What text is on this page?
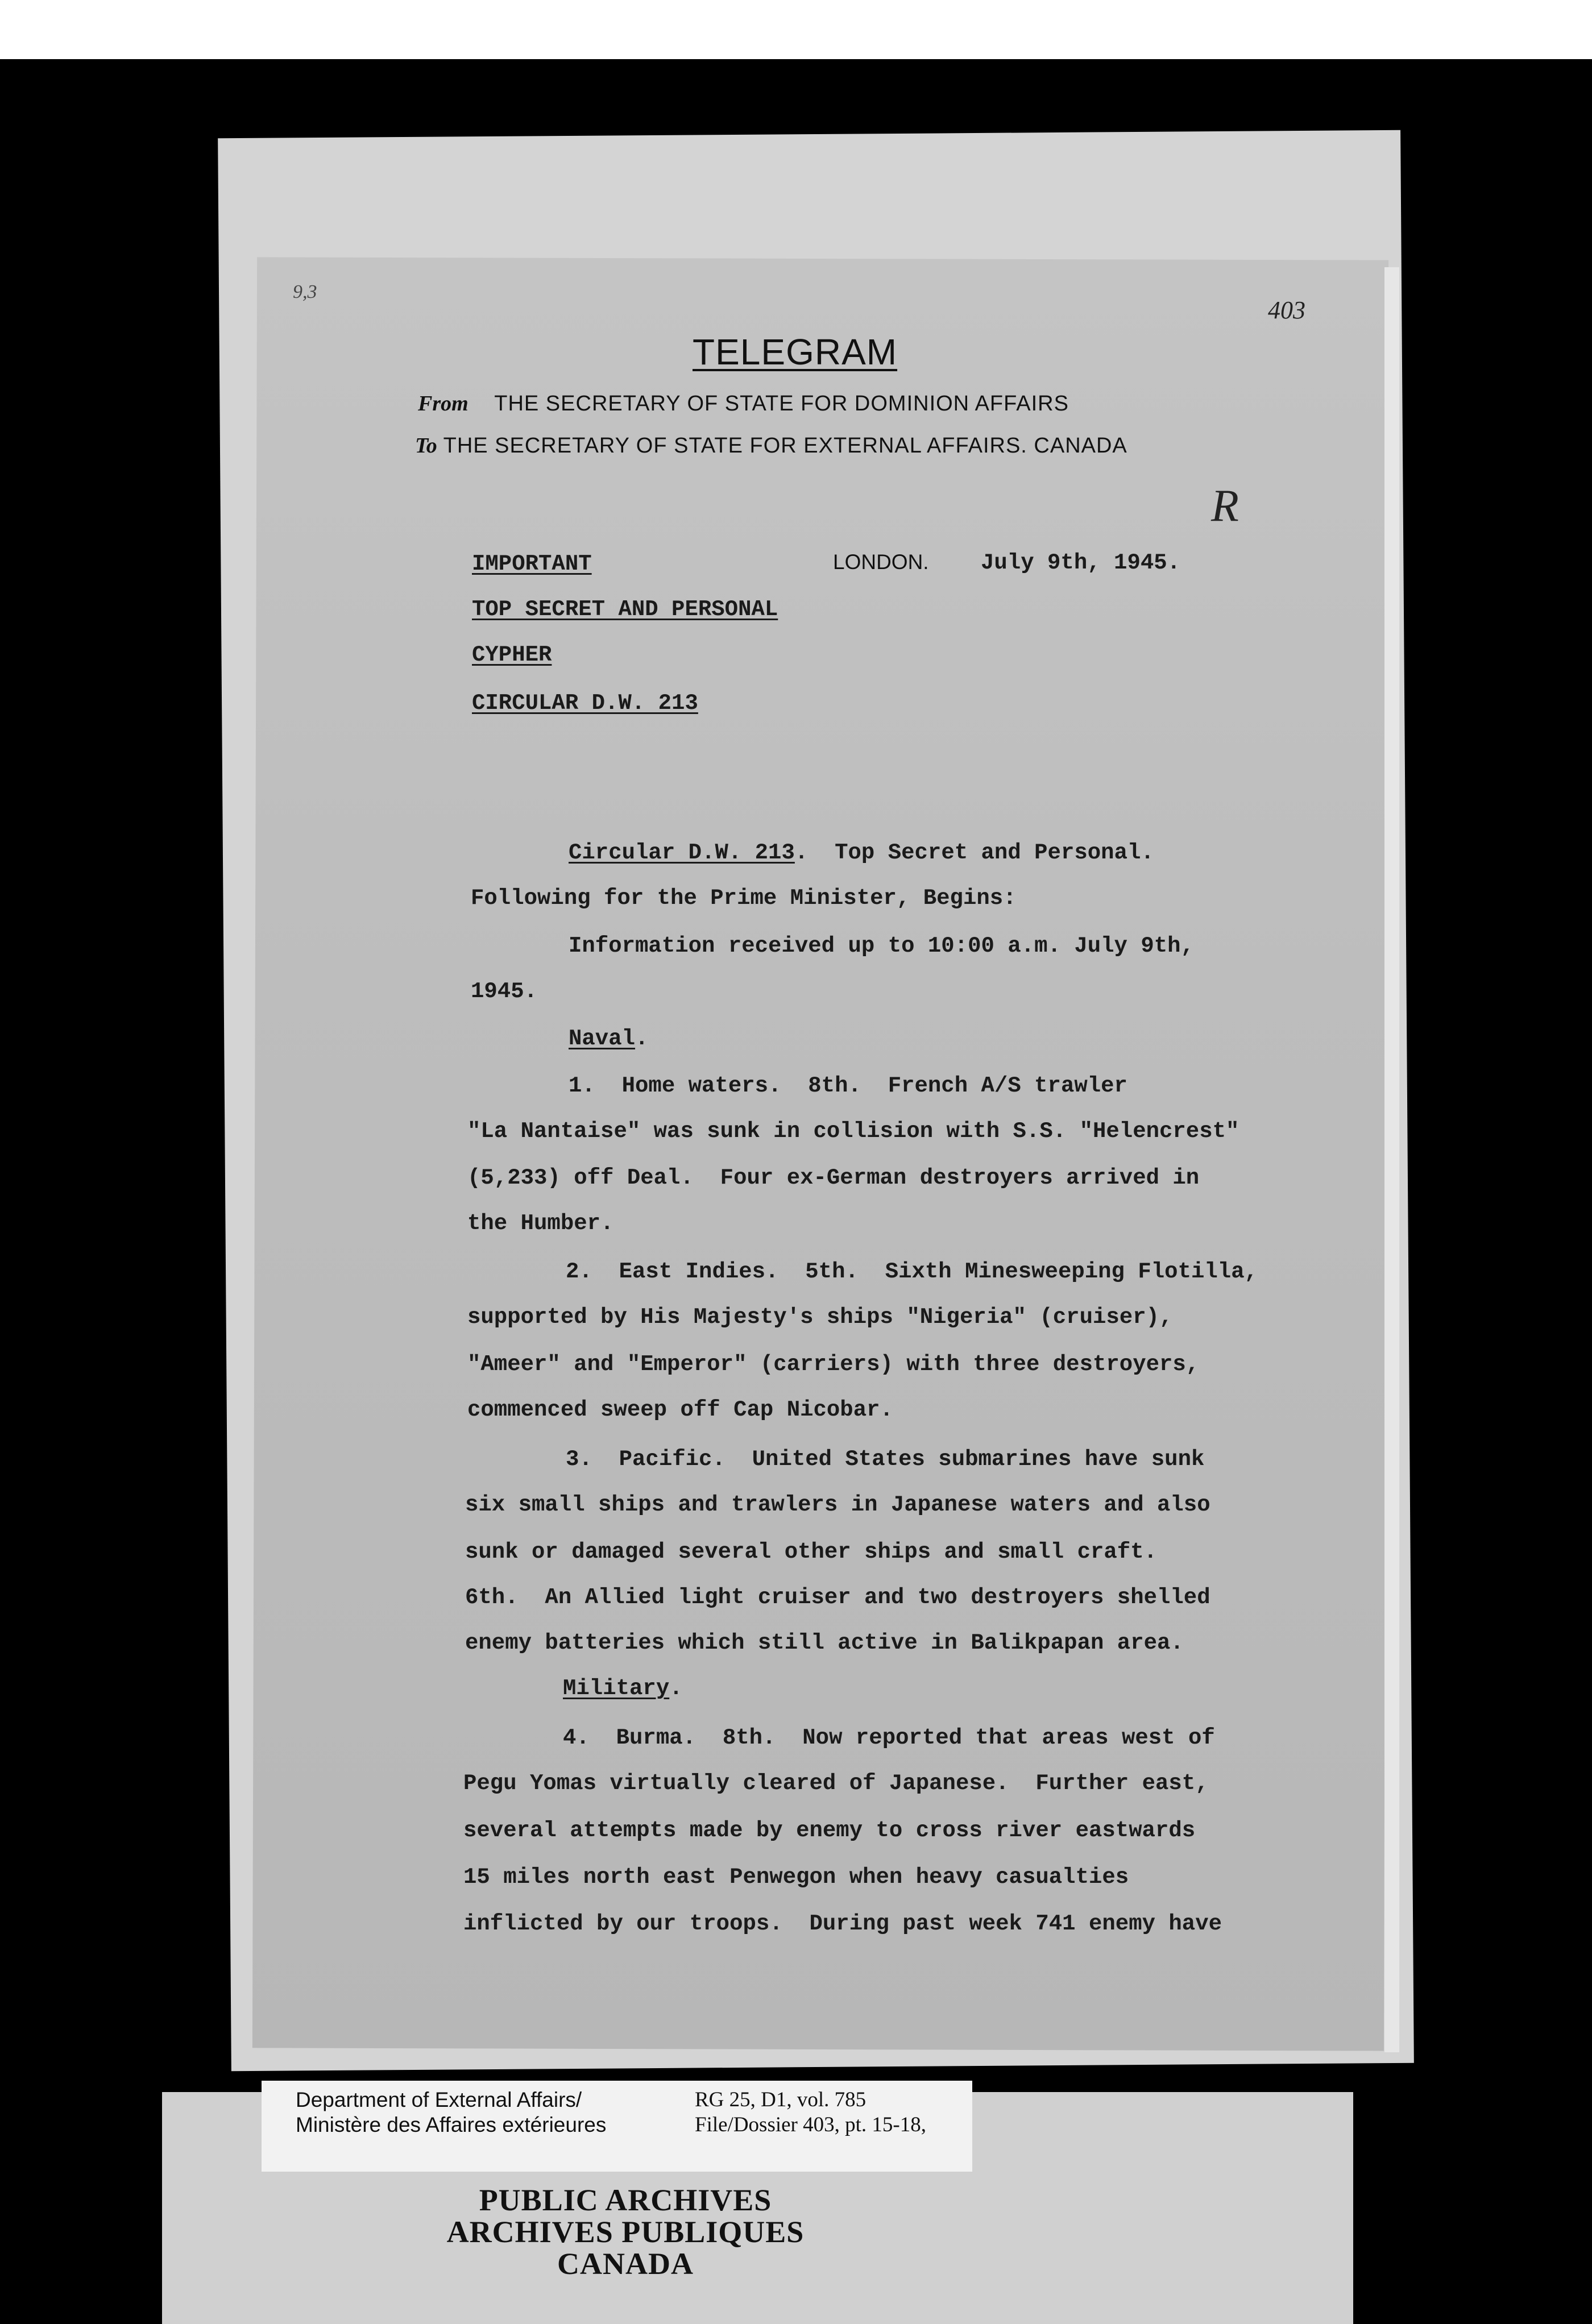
9,3
403
TELEGRAM
From THE SECRETARY OF STATE FOR DOMINION AFFAIRS
To THE SECRETARY OF STATE FOR EXTERNAL AFFAIRS. CANADA
R
IMPORTANT	LONDON. July 9th, 1945.
TOP SECRET AND PERSONAL
CYPHER
CIRCULAR D.W. 213
Circular D.W. 213.  Top Secret and Personal.
Following for the Prime Minister, Begins:
Information received up to 10:00 a.m. July 9th,
1945.
Naval.
1.  Home waters.  8th.  French A/S trawler
"La Nantaise" was sunk in collision with S.S. "Helencrest"
(5,233) off Deal.  Four ex-German destroyers arrived in
the Humber.
2.  East Indies.  5th.  Sixth Minesweeping Flotilla,
supported by His Majesty's ships "Nigeria" (cruiser),
"Ameer" and "Emperor" (carriers) with three destroyers,
commenced sweep off Cap Nicobar.
3.  Pacific.  United States submarines have sunk
six small ships and trawlers in Japanese waters and also
sunk or damaged several other ships and small craft.
6th.  An Allied light cruiser and two destroyers shelled
enemy batteries which still active in Balikpapan area.
Military.
4.  Burma.  8th.  Now reported that areas west of
Pegu Yomas virtually cleared of Japanese.  Further east,
several attempts made by enemy to cross river eastwards
15 miles north east Penwegon when heavy casualties
inflicted by our troops.  During past week 741 enemy have
Department of External Affairs/
Ministère des Affaires extérieures
RG 25, D1, vol. 785
File/Dossier 403, pt. 15-18,
PUBLIC ARCHIVES
ARCHIVES PUBLIQUES
CANADA
